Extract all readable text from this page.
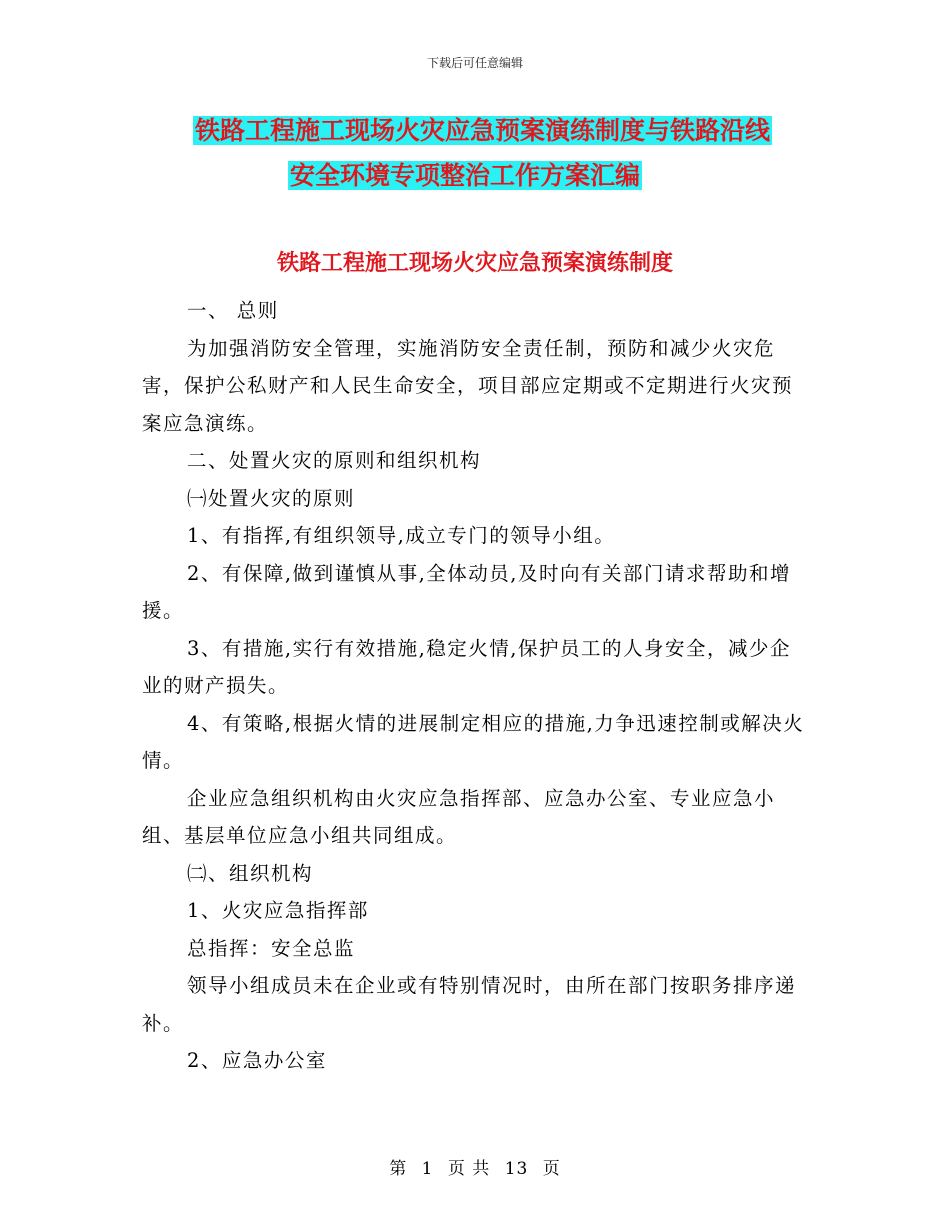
下载后可任意编辑
铁路工程施工现场火灾应急预案演练制度与铁路沿线
安全环境专项整治工作方案汇编
铁路工程施工现场火灾应急预案演练制度

一、 总则

为加强消防安全管理，实施消防安全责任制，预防和减少火灾危害，保护公私财产和人民生命安全，项目部应定期或不定期进行火灾预案应急演练。

二、处置火灾的原则和组织机构

㈠处置火灾的原则

1、有指挥,有组织领导,成立专门的领导小组。

2、有保障,做到谨慎从事,全体动员,及时向有关部门请求帮助和增援。

3、有措施,实行有效措施,稳定火情,保护员工的人身安全，减少企业的财产损失。

4、有策略,根据火情的进展制定相应的措施,力争迅速控制或解决火情。

企业应急组织机构由火灾应急指挥部、应急办公室、专业应急小组、基层单位应急小组共同组成。

㈡、组织机构

1、火灾应急指挥部

总指挥：安全总监

领导小组成员未在企业或有特别情况时，由所在部门按职务排序递补。

2、应急办公室

第 1 页 共 13 页
